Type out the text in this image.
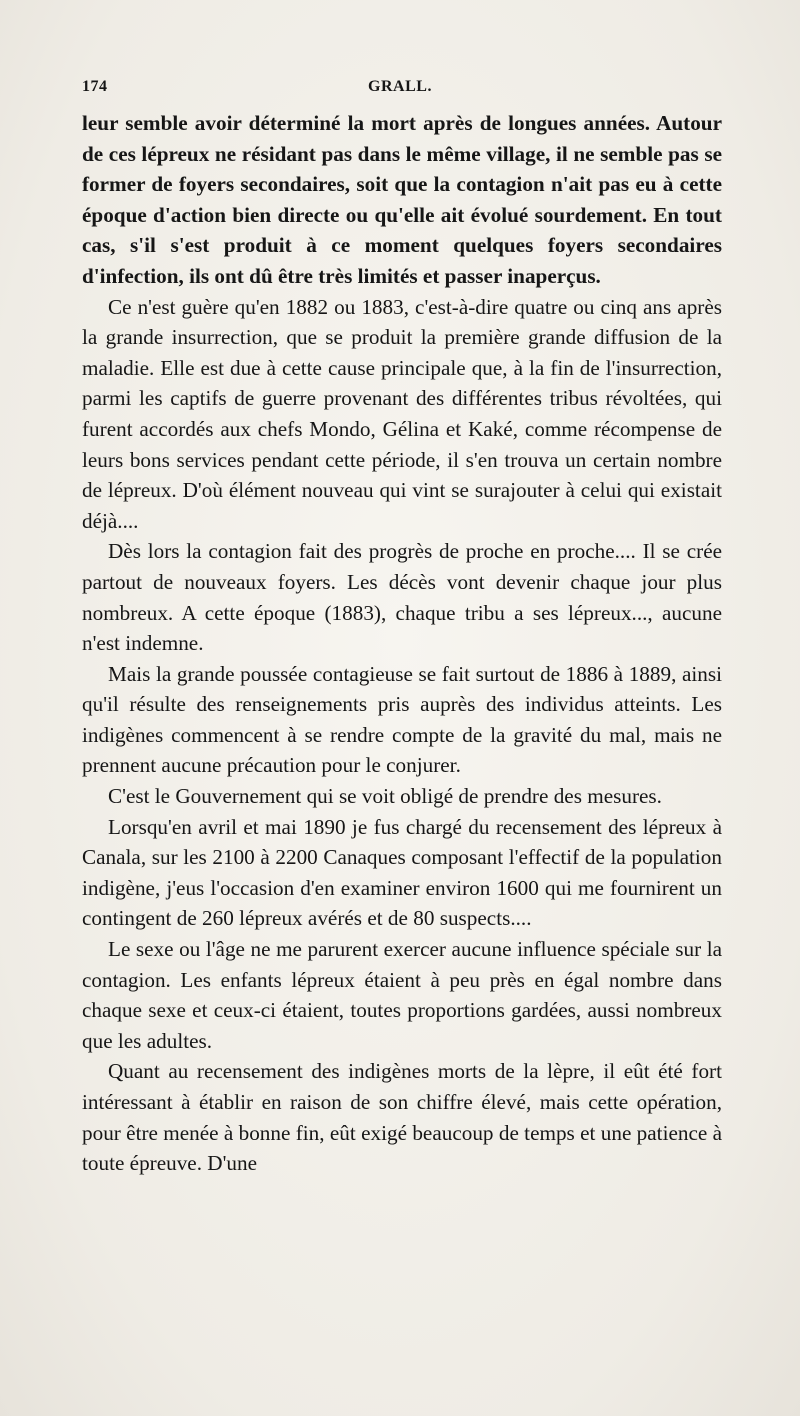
174	GRALL.

leur semble avoir déterminé la mort après de longues années. Autour de ces lépreux ne résidant pas dans le même village, il ne semble pas se former de foyers secondaires, soit que la contagion n'ait pas eu à cette époque d'action bien directe ou qu'elle ait évolué sourdement. En tout cas, s'il s'est produit à ce moment quelques foyers secondaires d'infection, ils ont dû être très limités et passer inaperçus.

Ce n'est guère qu'en 1882 ou 1883, c'est-à-dire quatre ou cinq ans après la grande insurrection, que se produit la première grande diffusion de la maladie. Elle est due à cette cause principale que, à la fin de l'insurrection, parmi les captifs de guerre provenant des différentes tribus révoltées, qui furent accordés aux chefs Mondo, Gélina et Kaké, comme récompense de leurs bons services pendant cette période, il s'en trouva un certain nombre de lépreux. D'où élément nouveau qui vint se surajouter à celui qui existait déjà....

Dès lors la contagion fait des progrès de proche en proche.... Il se crée partout de nouveaux foyers. Les décès vont devenir chaque jour plus nombreux. A cette époque (1883), chaque tribu a ses lépreux..., aucune n'est indemne.

Mais la grande poussée contagieuse se fait surtout de 1886 à 1889, ainsi qu'il résulte des renseignements pris auprès des individus atteints. Les indigènes commencent à se rendre compte de la gravité du mal, mais ne prennent aucune précaution pour le conjurer.

C'est le Gouvernement qui se voit obligé de prendre des mesures.

Lorsqu'en avril et mai 1890 je fus chargé du recensement des lépreux à Canala, sur les 2100 à 2200 Canaques composant l'effectif de la population indigène, j'eus l'occasion d'en examiner environ 1600 qui me fournirent un contingent de 260 lépreux avérés et de 80 suspects....

Le sexe ou l'âge ne me parurent exercer aucune influence spéciale sur la contagion. Les enfants lépreux étaient à peu près en égal nombre dans chaque sexe et ceux-ci étaient, toutes proportions gardées, aussi nombreux que les adultes.

Quant au recensement des indigènes morts de la lèpre, il eût été fort intéressant à établir en raison de son chiffre élevé, mais cette opération, pour être menée à bonne fin, eût exigé beaucoup de temps et une patience à toute épreuve. D'une
